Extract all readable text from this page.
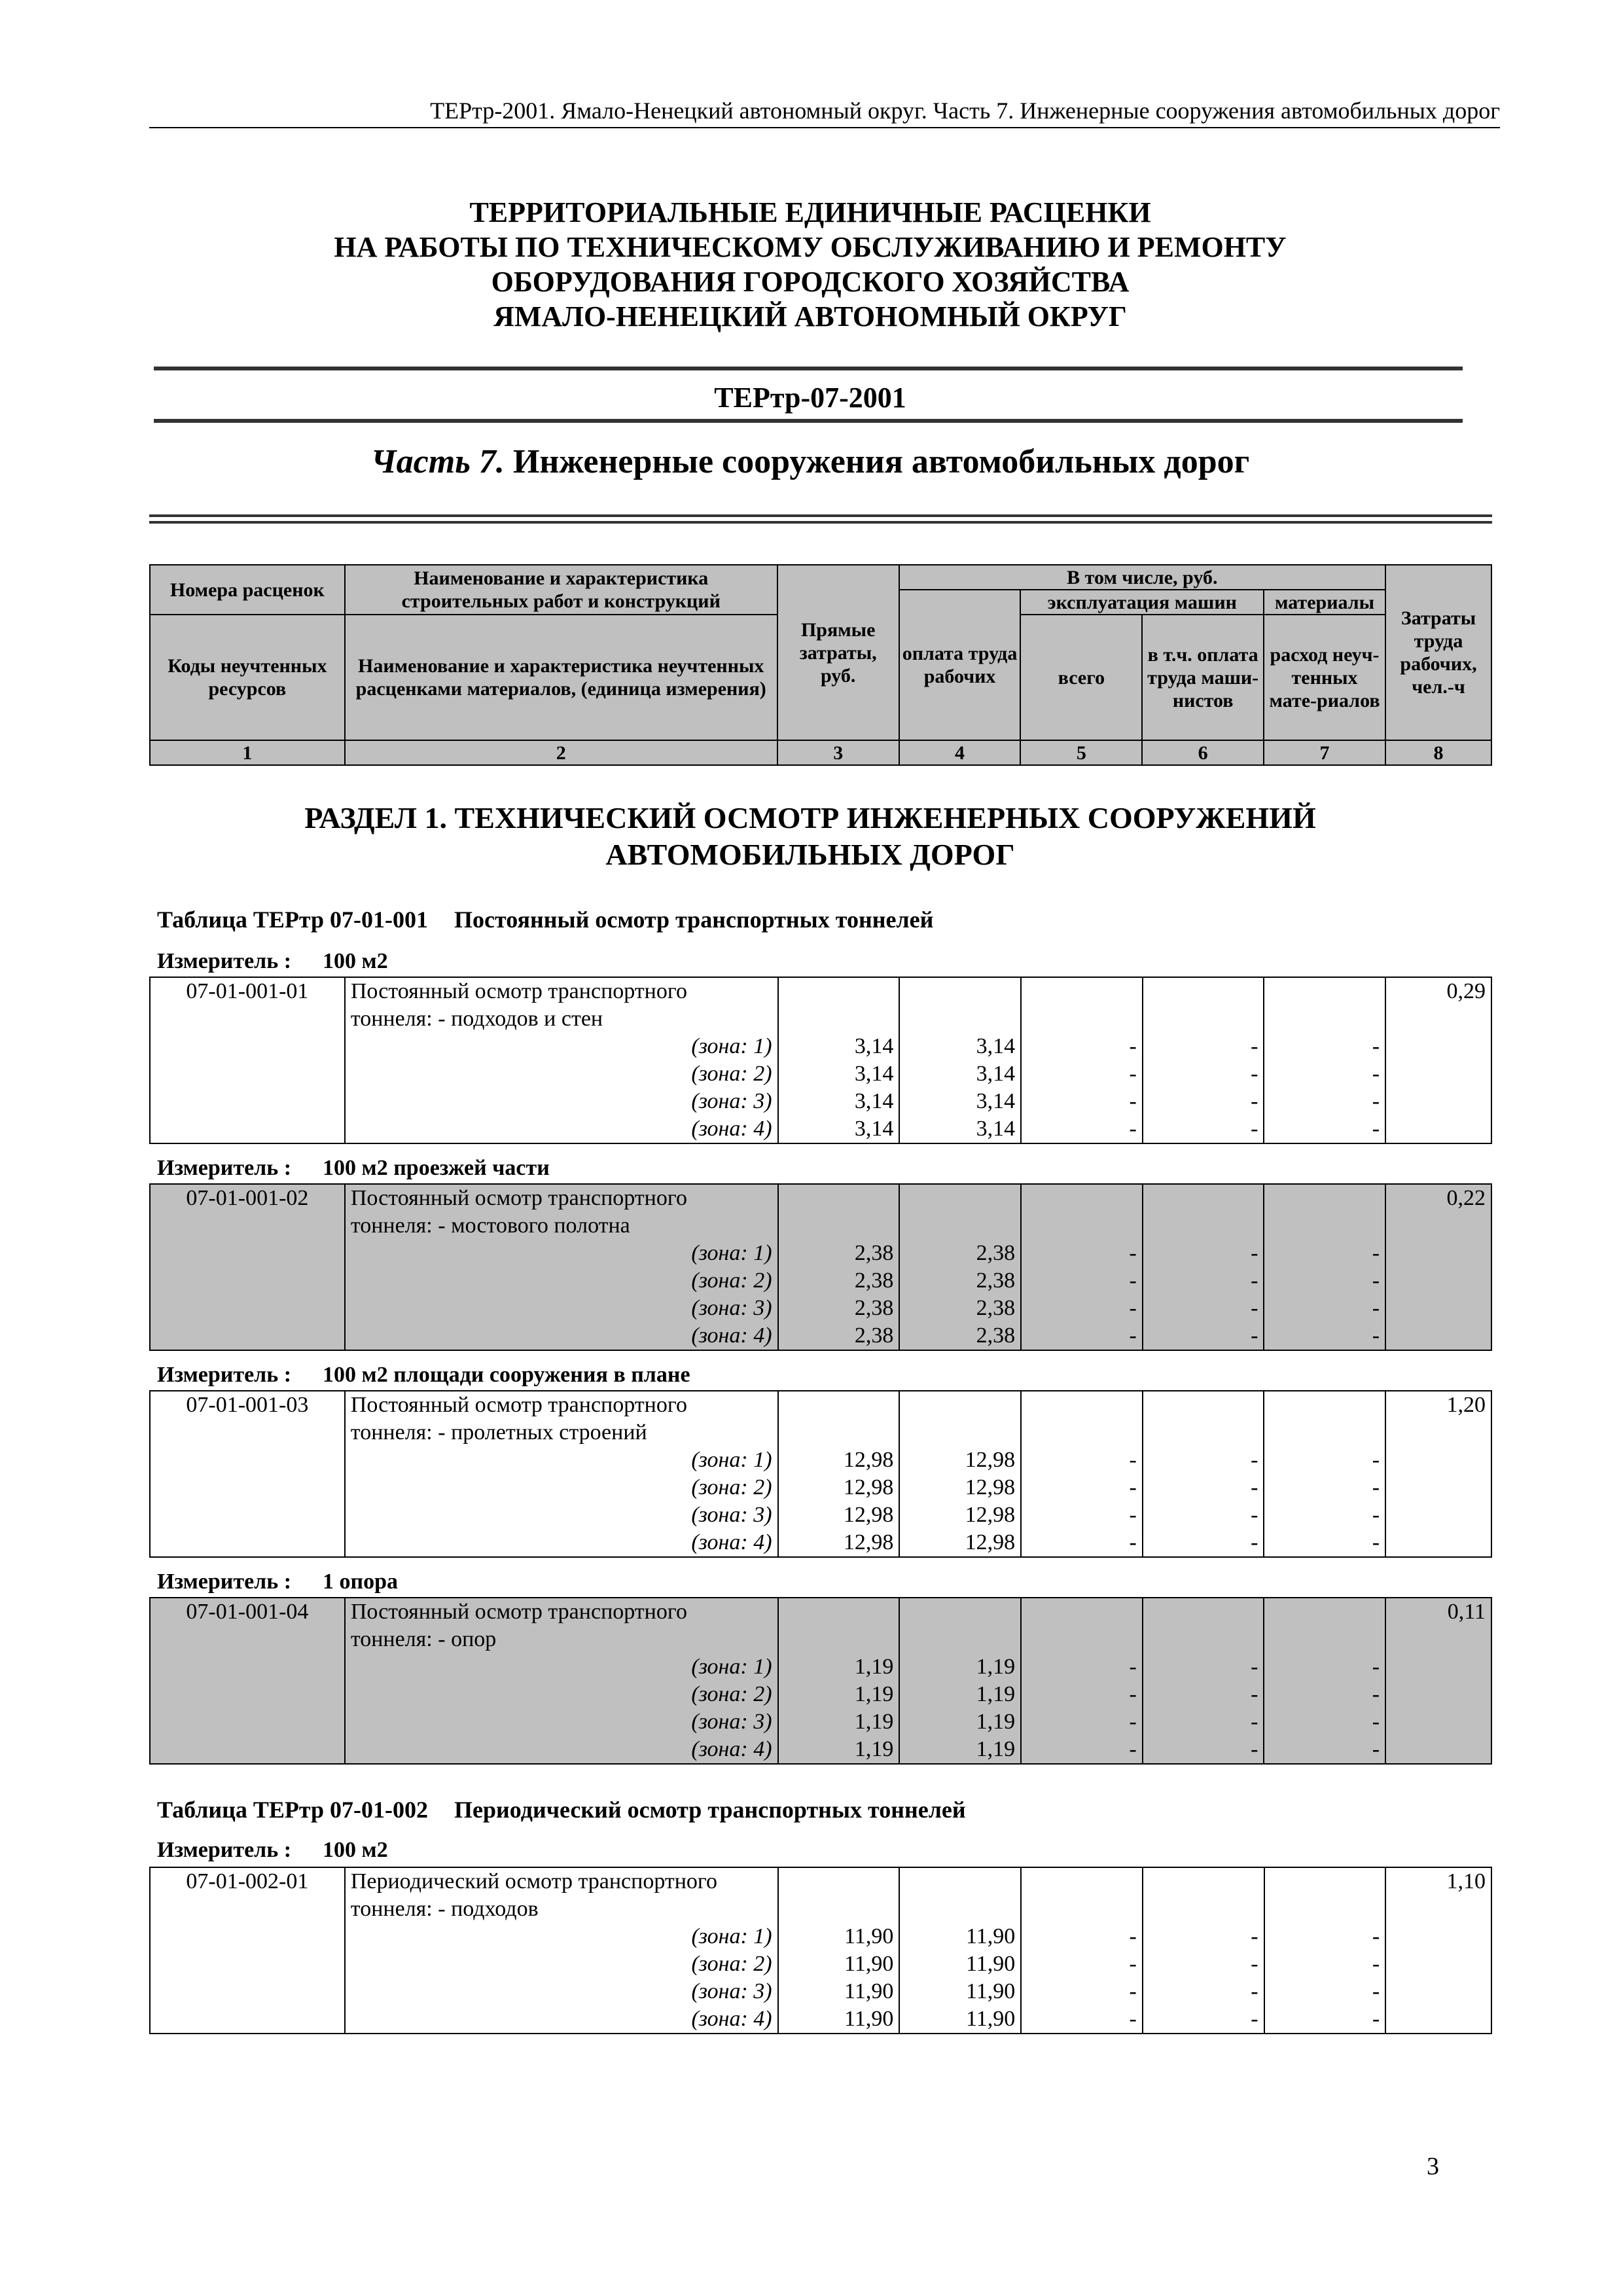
ТЕРтр-2001. Ямало-Ненецкий автономный округ. Часть 7. Инженерные сооружения автомобильных дорог
ТЕРРИТОРИАЛЬНЫЕ ЕДИНИЧНЫЕ РАСЦЕНКИ
НА РАБОТЫ ПО ТЕХНИЧЕСКОМУ ОБСЛУЖИВАНИЮ И РЕМОНТУ
ОБОРУДОВАНИЯ ГОРОДСКОГО ХОЗЯЙСТВА
ЯМАЛО-НЕНЕЦКИЙ АВТОНОМНЫЙ ОКРУГ
ТЕРтр-07-2001
Часть 7. Инженерные сооружения автомобильных дорог
Номера расценок	Наименование и характеристика строительных работ и конструкций	Прямые затраты, руб.	В том числе, руб.				Затраты труда рабочих, чел.-ч
			оплата труда рабочих	эксплуатация машин		материалы	
Коды неучтенных ресурсов	Наименование и характеристика неучтенных расценками материалов, (единица измерения)			всего	в т.ч. оплата труда маши-нистов	расход неуч-тенных мате-риалов	
1	2	3	4	5	6	7	8
РАЗДЕЛ 1. ТЕХНИЧЕСКИЙ ОСМОТР ИНЖЕНЕРНЫХ СООРУЖЕНИЙ
АВТОМОБИЛЬНЫХ ДОРОГ
Таблица ТЕРтр 07-01-001 Постоянный осмотр транспортных тоннелей
Измеритель : 100 м2
07-01-001-01	Постоянный осмотр транспортного						0,29
	тоннеля: - подходов и стен						
	(зона: 1)	3,14	3,14	-	-	-	
	(зона: 2)	3,14	3,14	-	-	-	
	(зона: 3)	3,14	3,14	-	-	-	
	(зона: 4)	3,14	3,14	-	-	-	
Измеритель : 100 м2 проезжей части
07-01-001-02	Постоянный осмотр транспортного						0,22
	тоннеля: - мостового полотна						
	(зона: 1)	2,38	2,38	-	-	-	
	(зона: 2)	2,38	2,38	-	-	-	
	(зона: 3)	2,38	2,38	-	-	-	
	(зона: 4)	2,38	2,38	-	-	-	
Измеритель : 100 м2 площади сооружения в плане
07-01-001-03	Постоянный осмотр транспортного						1,20
	тоннеля: - пролетных строений						
	(зона: 1)	12,98	12,98	-	-	-	
	(зона: 2)	12,98	12,98	-	-	-	
	(зона: 3)	12,98	12,98	-	-	-	
	(зона: 4)	12,98	12,98	-	-	-	
Измеритель : 1 опора
07-01-001-04	Постоянный осмотр транспортного						0,11
	тоннеля: - опор						
	(зона: 1)	1,19	1,19	-	-	-	
	(зона: 2)	1,19	1,19	-	-	-	
	(зона: 3)	1,19	1,19	-	-	-	
	(зона: 4)	1,19	1,19	-	-	-	
Таблица ТЕРтр 07-01-002 Периодический осмотр транспортных тоннелей
Измеритель : 100 м2
07-01-002-01	Периодический осмотр транспортного						1,10
	тоннеля: - подходов						
	(зона: 1)	11,90	11,90	-	-	-	
	(зона: 2)	11,90	11,90	-	-	-	
	(зона: 3)	11,90	11,90	-	-	-	
	(зона: 4)	11,90	11,90	-	-	-	
3
